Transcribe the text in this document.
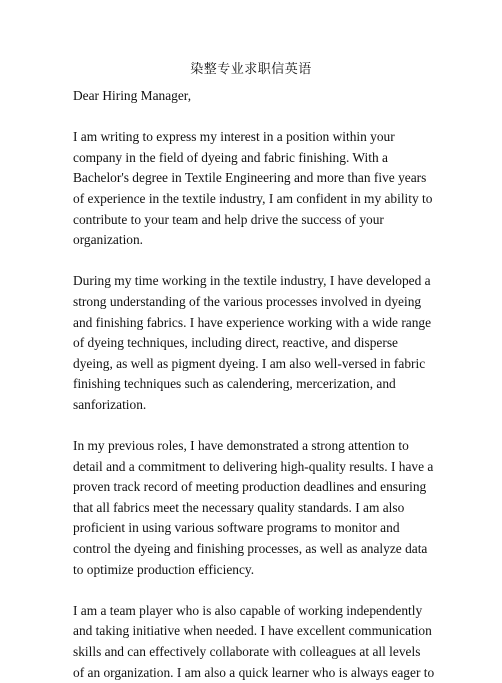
染整专业求职信英语
Dear Hiring Manager,
I am writing to express my interest in a position within your
company in the field of dyeing and fabric finishing. With a
Bachelor's degree in Textile Engineering and more than five years
of experience in the textile industry, I am confident in my ability to
contribute to your team and help drive the success of your
organization.
During my time working in the textile industry, I have developed a
strong understanding of the various processes involved in dyeing
and finishing fabrics. I have experience working with a wide range
of dyeing techniques, including direct, reactive, and disperse
dyeing, as well as pigment dyeing. I am also well-versed in fabric
finishing techniques such as calendering, mercerization, and
sanforization.
In my previous roles, I have demonstrated a strong attention to
detail and a commitment to delivering high-quality results. I have a
proven track record of meeting production deadlines and ensuring
that all fabrics meet the necessary quality standards. I am also
proficient in using various software programs to monitor and
control the dyeing and finishing processes, as well as analyze data
to optimize production efficiency.
I am a team player who is also capable of working independently
and taking initiative when needed. I have excellent communication
skills and can effectively collaborate with colleagues at all levels
of an organization. I am also a quick learner who is always eager to
